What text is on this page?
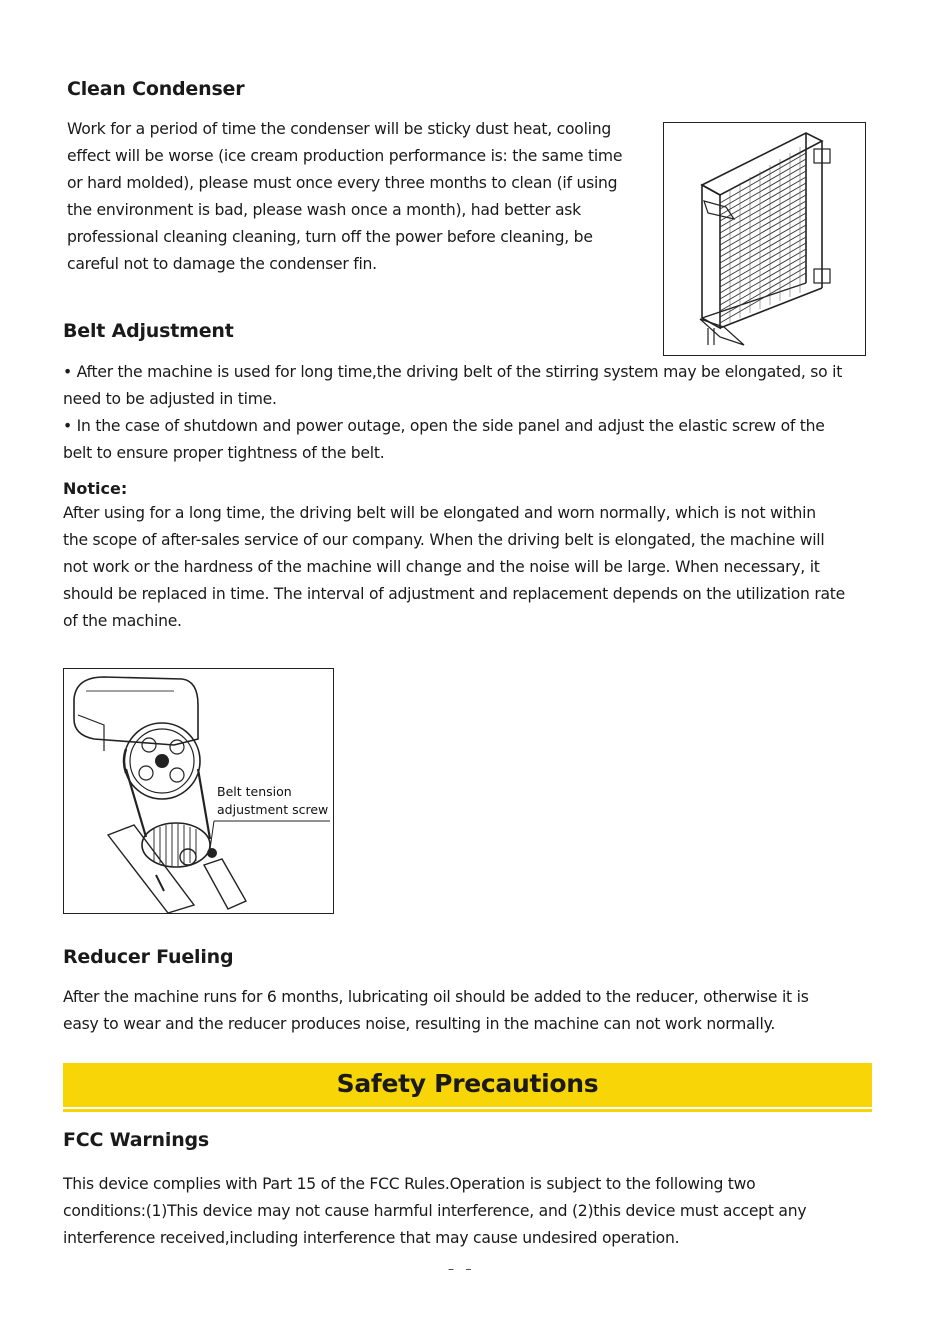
Clean Condenser
Work for a period of time the condenser will be sticky dust heat, cooling
effect will be worse (ice cream production performance is: the same time
or hard molded), please must once every three months to clean (if using
the environment is bad, please wash once a month), had better ask
professional cleaning cleaning, turn off the power before cleaning, be
careful not to damage the condenser fin.
Belt Adjustment
• After the machine is used for long time,the driving belt of the stirring system may be elongated, so it
need to be adjusted in time.
• In the case of shutdown and power outage, open the side panel and adjust the elastic screw of the
belt to ensure proper tightness of the belt.
Notice:
After using for a long time, the driving belt will be elongated and worn normally, which is not within
the scope of after-sales service of our company. When the driving belt is elongated, the machine will
not work or the hardness of the machine will change and the noise will be large. When necessary, it
should be replaced in time. The interval of adjustment and replacement depends on the utilization rate
of the machine.
Belt tension
adjustment screw
Reducer Fueling
After the machine runs for 6 months, lubricating oil should be added to the reducer, otherwise it is
easy to wear and the reducer produces noise, resulting in the machine can not work normally.
Safety Precautions
FCC Warnings
This device complies with Part 15 of the FCC Rules.Operation is subject to the following two
conditions:(1)This device may not cause harmful interference, and (2)this device must accept any
interference received,including interference that may cause undesired operation.
–   –
